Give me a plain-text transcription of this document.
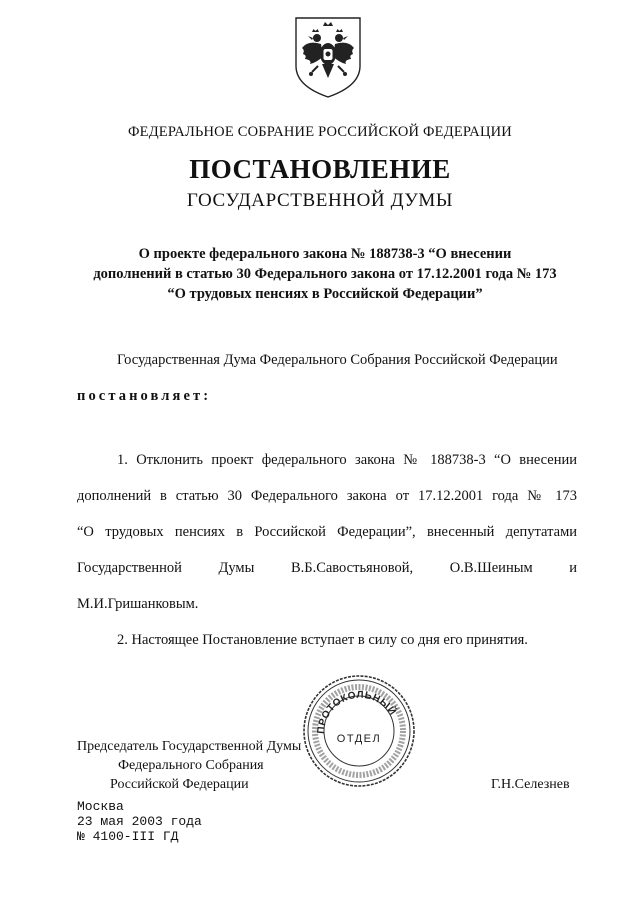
ФЕДЕРАЛЬНОЕ СОБРАНИЕ РОССИЙСКОЙ ФЕДЕРАЦИИ
ПОСТАНОВЛЕНИЕ
ГОСУДАРСТВЕННОЙ ДУМЫ
О проекте федерального закона № 188738-3 “О внесении
дополнений в статью 30 Федерального закона от 17.12.2001 года № 173
“О трудовых пенсиях в Российской Федерации”
Государственная Дума Федерального Собрания Российской Федерации
постановляет:
1. Отклонить проект федерального закона № 188738-3 “О внесении
дополнений в статью 30 Федерального закона от 17.12.2001 года № 173
“О трудовых пенсиях в Российской Федерации”, внесенный депутатами
Государственной Думы В.Б.Савостьяновой, О.В.Шеиным и
М.И.Гришанковым.
2. Настоящее Постановление вступает в силу со дня его принятия.
ПРОТОКОЛЬНЫЙ
ОТДЕЛ
Председатель Государственной Думы
Федерального Собрания
Российской Федерации	Г.Н.Селезнев
Москва
23 мая 2003 года
№ 4100-III ГД
